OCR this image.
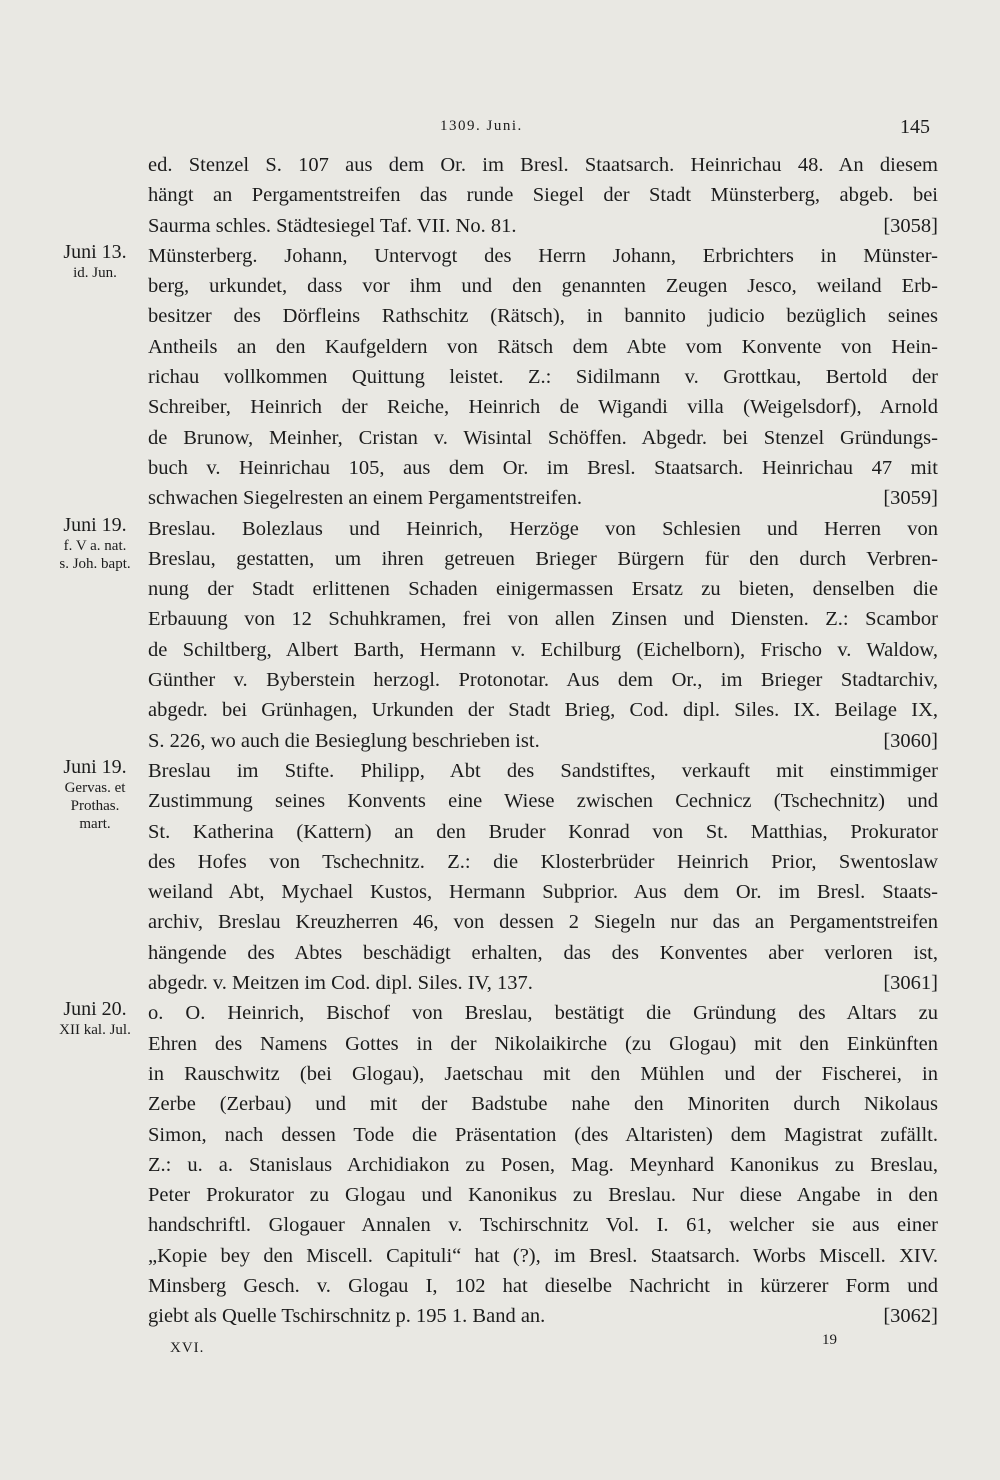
1309. Juni.	145
ed. Stenzel S. 107 aus dem Or. im Bresl. Staatsarch. Heinrichau 48. An diesem
hängt an Pergamentstreifen das runde Siegel der Stadt Münsterberg, abgeb. bei
Saurma schles. Städtesiegel Taf. VII. No. 81.	[3058]
Münsterberg. Johann, Untervogt des Herrn Johann, Erbrichters in Münster-
berg, urkundet, dass vor ihm und den genannten Zeugen Jesco, weiland Erb-
besitzer des Dörfleins Rathschitz (Rätsch), in bannito judicio bezüglich seines
Antheils an den Kaufgeldern von Rätsch dem Abte vom Konvente von Hein-
richau vollkommen Quittung leistet. Z.: Sidilmann v. Grottkau, Bertold der
Schreiber, Heinrich der Reiche, Heinrich de Wigandi villa (Weigelsdorf), Arnold
de Brunow, Meinher, Cristan v. Wisintal Schöffen. Abgedr. bei Stenzel Gründungs-
buch v. Heinrichau 105, aus dem Or. im Bresl. Staatsarch. Heinrichau 47 mit
schwachen Siegelresten an einem Pergamentstreifen.	[3059]
Breslau. Bolezlaus und Heinrich, Herzöge von Schlesien und Herren von
Breslau, gestatten, um ihren getreuen Brieger Bürgern für den durch Verbren-
nung der Stadt erlittenen Schaden einigermassen Ersatz zu bieten, denselben die
Erbauung von 12 Schuhkramen, frei von allen Zinsen und Diensten. Z.: Scambor
de Schiltberg, Albert Barth, Hermann v. Echilburg (Eichelborn), Frischo v. Waldow,
Günther v. Byberstein herzogl. Protonotar. Aus dem Or., im Brieger Stadtarchiv,
abgedr. bei Grünhagen, Urkunden der Stadt Brieg, Cod. dipl. Siles. IX. Beilage IX,
S. 226, wo auch die Besieglung beschrieben ist.	[3060]
Breslau im Stifte. Philipp, Abt des Sandstiftes, verkauft mit einstimmiger
Zustimmung seines Konvents eine Wiese zwischen Cechnicz (Tschechnitz) und
St. Katherina (Kattern) an den Bruder Konrad von St. Matthias, Prokurator
des Hofes von Tschechnitz. Z.: die Klosterbrüder Heinrich Prior, Swentoslaw
weiland Abt, Mychael Kustos, Hermann Subprior. Aus dem Or. im Bresl. Staats-
archiv, Breslau Kreuzherren 46, von dessen 2 Siegeln nur das an Pergamentstreifen
hängende des Abtes beschädigt erhalten, das des Konventes aber verloren ist,
abgedr. v. Meitzen im Cod. dipl. Siles. IV, 137.	[3061]
o. O. Heinrich, Bischof von Breslau, bestätigt die Gründung des Altars zu
Ehren des Namens Gottes in der Nikolaikirche (zu Glogau) mit den Einkünften
in Rauschwitz (bei Glogau), Jaetschau mit den Mühlen und der Fischerei, in
Zerbe (Zerbau) und mit der Badstube nahe den Minoriten durch Nikolaus
Simon, nach dessen Tode die Präsentation (des Altaristen) dem Magistrat zufällt.
Z.: u. a. Stanislaus Archidiakon zu Posen, Mag. Meynhard Kanonikus zu Breslau,
Peter Prokurator zu Glogau und Kanonikus zu Breslau. Nur diese Angabe in den
handschriftl. Glogauer Annalen v. Tschirschnitz Vol. I. 61, welcher sie aus einer
„Kopie bey den Miscell. Capituli“ hat (?), im Bresl. Staatsarch. Worbs Miscell. XIV.
Minsberg Gesch. v. Glogau I, 102 hat dieselbe Nachricht in kürzerer Form und
giebt als Quelle Tschirschnitz p. 195 1. Band an.	[3062]
Juni 13.
id. Jun.
Juni 19.
f. V a. nat.
s. Joh. bapt.
Juni 19.
Gervas. et
Prothas.
mart.
Juni 20.
XII kal. Jul.
XVI.	19
